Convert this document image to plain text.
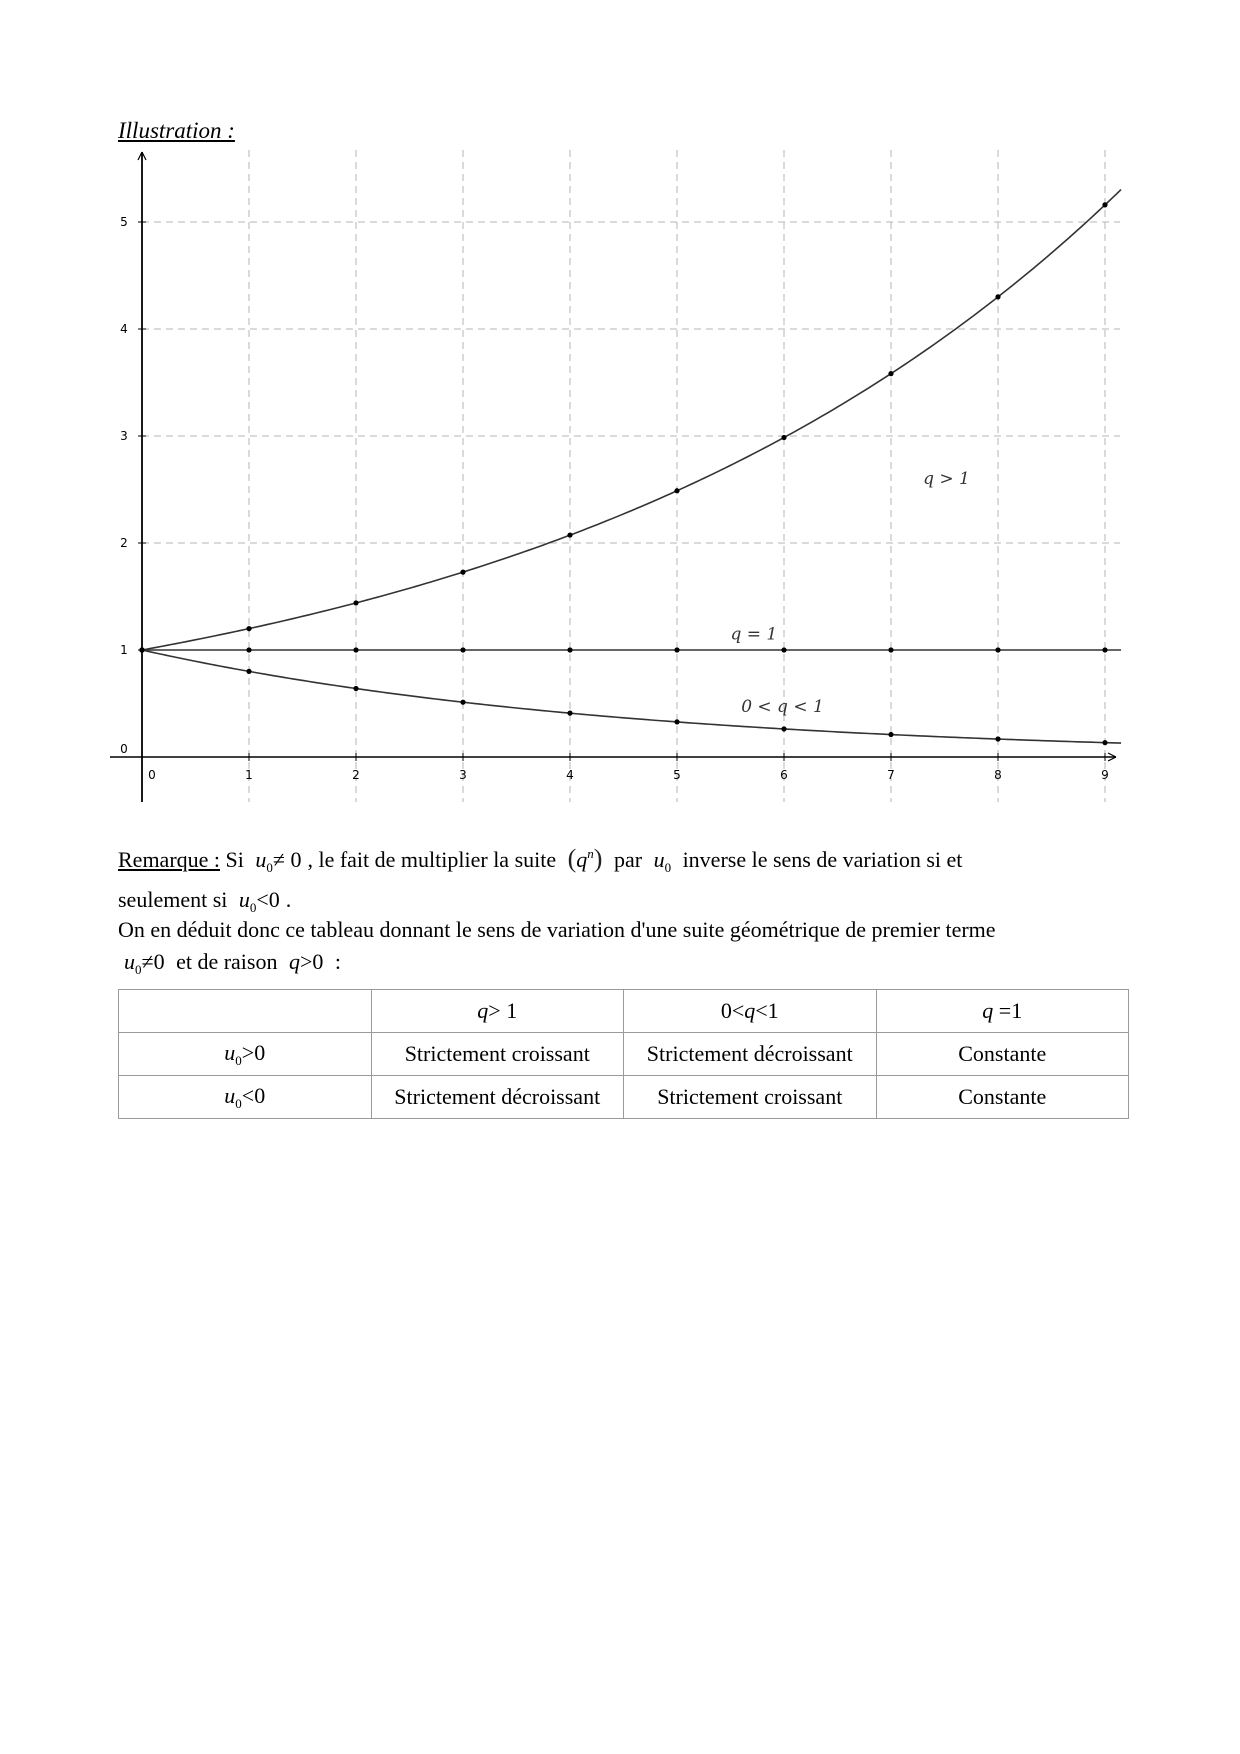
Illustration :
0	1	2	3	4	5	6	7	8	9
0
1
2
3
4
5
q > 1
q = 1
0 < q < 1
Remarque : Si $u_0\ne 0$ , le fait de multiplier la suite $(q^n)$ par $u_0$ inverse le sens de variation si et
seulement si $u_0<0$ .
On en déduit donc ce tableau donnant le sens de variation d'une suite géométrique de premier terme
$u_0\ne 0$ et de raison q>0 :
	q> 1	0<q<1	q =1
$u_0>0$	Strictement croissant	Strictement décroissant	Constante
$u_0<0$	Strictement décroissant	Strictement croissant	Constante
